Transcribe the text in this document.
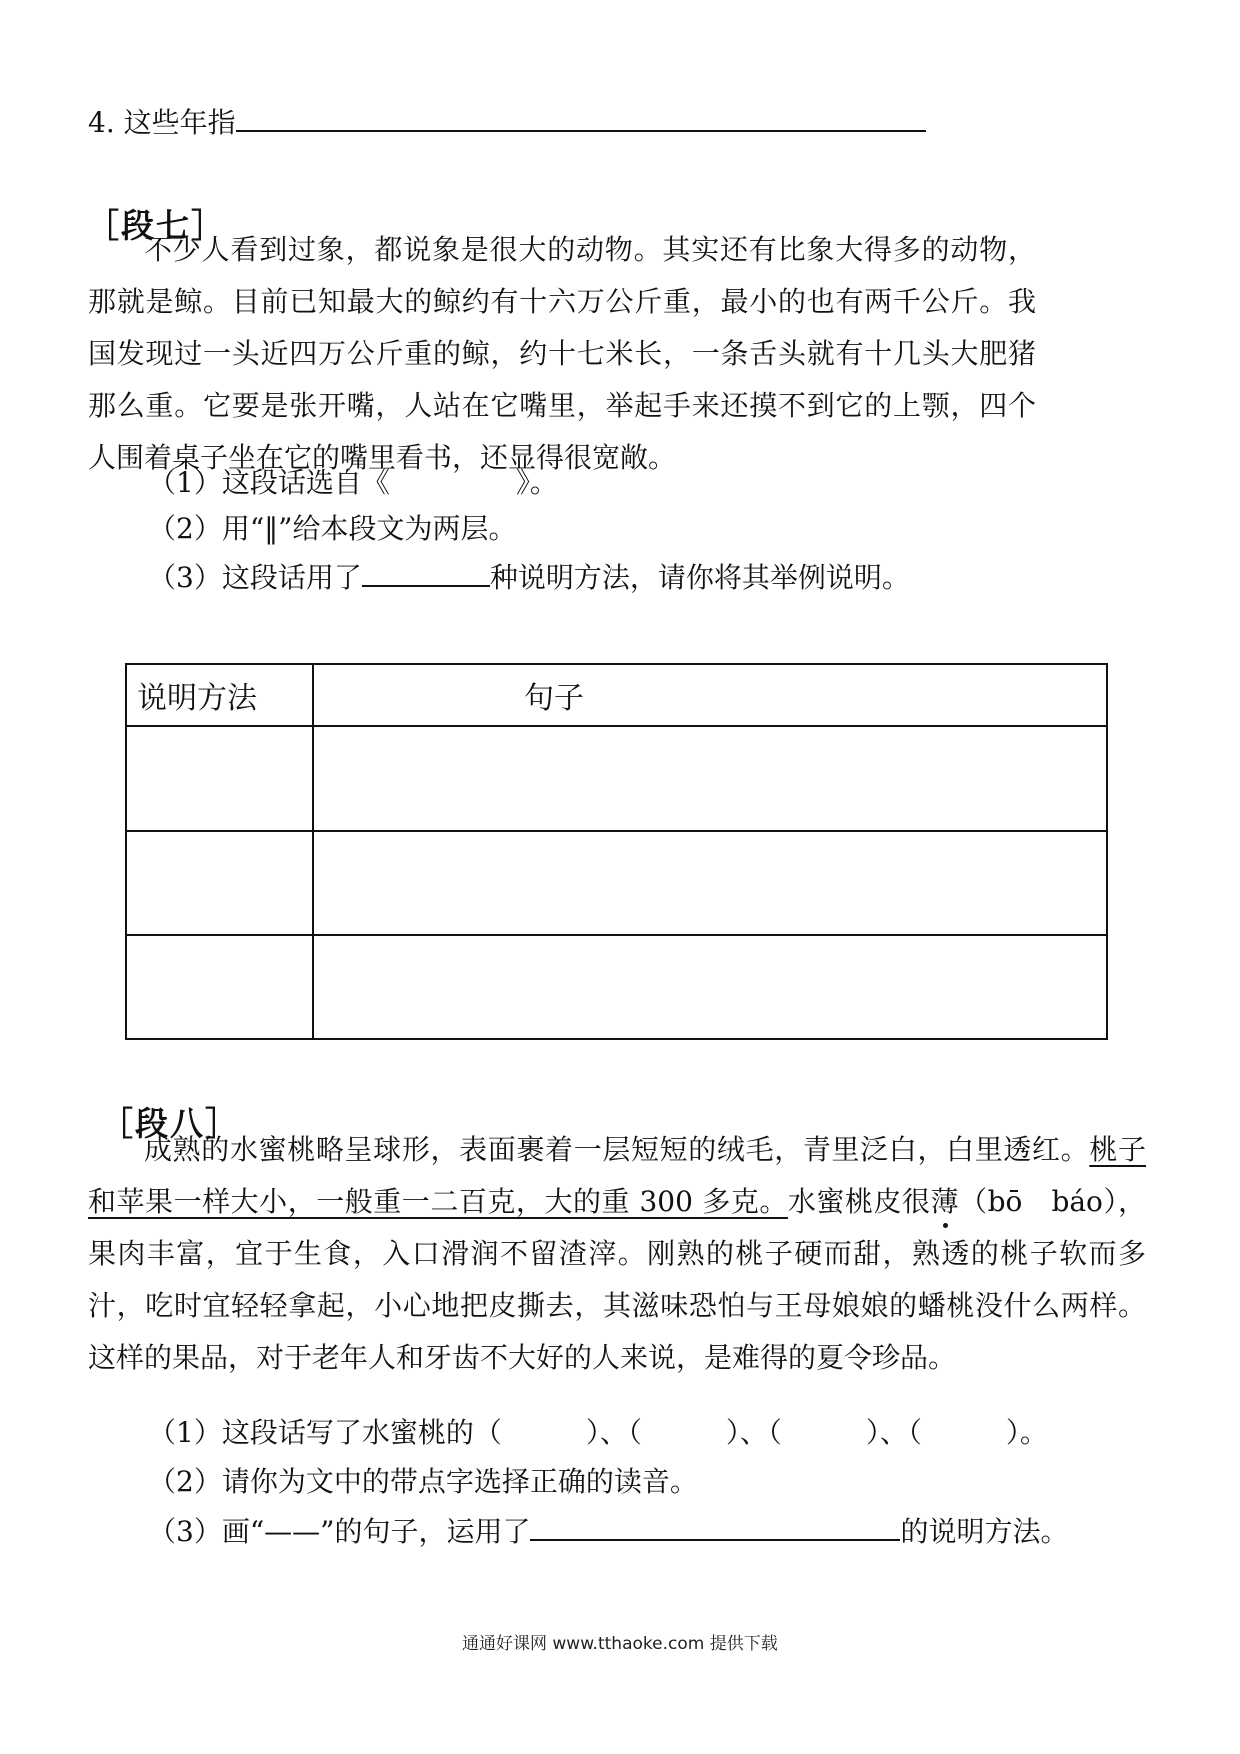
4. 这些年指
［段七］
不少人看到过象，都说象是很大的动物。其实还有比象大得多的动物，那就是鲸。目前已知最大的鲸约有十六万公斤重，最小的也有两千公斤。我国发现过一头近四万公斤重的鲸，约十七米长，一条舌头就有十几头大肥猪那么重。它要是张开嘴，人站在它嘴里，举起手来还摸不到它的上颚，四个人围着桌子坐在它的嘴里看书，还显得很宽敞。
（1）这段话选自《	》。
（2）用“‖”给本段文为两层。
（3）这段话用了	种说明方法，请你将其举例说明。
说明方法	句子

［段八］
成熟的水蜜桃略呈球形，表面裹着一层短短的绒毛，青里泛白，白里透红。桃子和苹果一样大小，一般重一二百克，大的重 300 多克。水蜜桃皮很薄（bō　báo），果肉丰富，宜于生食，入口滑润不留渣滓。刚熟的桃子硬而甜，熟透的桃子软而多汁，吃时宜轻轻拿起，小心地把皮撕去，其滋味恐怕与王母娘娘的蟠桃没什么两样。这样的果品，对于老年人和牙齿不大好的人来说，是难得的夏令珍品。
（1）这段话写了水蜜桃的（　　　）、（　　　）、（　　　）、（　　　）。
（2）请你为文中的带点字选择正确的读音。
（3）画“——”的句子，运用了	的说明方法。
通通好课网 www.tthaoke.com 提供下载
